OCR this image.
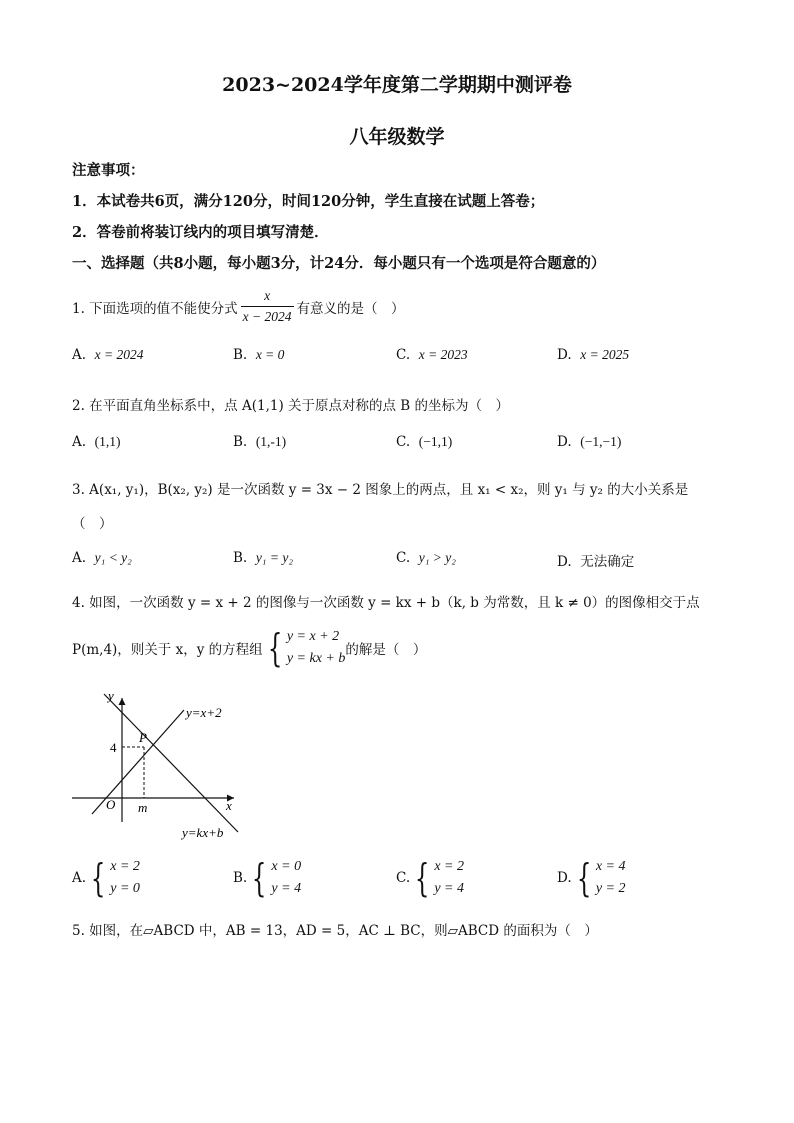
2023~2024学年度第二学期期中测评卷
八年级数学
注意事项：
1．本试卷共6页，满分120分，时间120分钟，学生直接在试题上答卷；
2．答卷前将装订线内的项目填写清楚．
一、选择题（共8小题，每小题3分，计24分．每小题只有一个选项是符合题意的）
1. 下面选项的值不能使分式 $\frac{x}{x - 2024}$ 有意义的是（　）
A. x = 2024	B. x = 0	C. x = 2023	D. x = 2025
2. 在平面直角坐标系中，点 A(1,1) 关于原点对称的点 B 的坐标为（　）
A. (1,1)	B. (1,-1)	C. (−1,1)	D. (−1,−1)
3. A(x₁, y₁)，B(x₂, y₂) 是一次函数 y = 3x − 2 图象上的两点，且 x₁ < x₂，则 y₁ 与 y₂ 的大小关系是
（　）
A. y₁ < y₂	B. y₁ = y₂	C. y₁ > y₂	D. 无法确定
4. 如图，一次函数 y = x + 2 的图像与一次函数 y = kx + b（k, b 为常数，且 k ≠ 0）的图像相交于点
P(m,4)，则关于 x，y 的方程组 { y = x + 2
y = kx + b
的解是（　）
y
x
O
P
4
m
y=x+2
y=kx+b
A. { x = 2
y = 0
B. { x = 0
y = 4
C. { x = 2
y = 4
D. { x = 4
y = 2
5. 如图，在▱ABCD 中，AB = 13，AD = 5，AC ⊥ BC，则▱ABCD 的面积为（　）
